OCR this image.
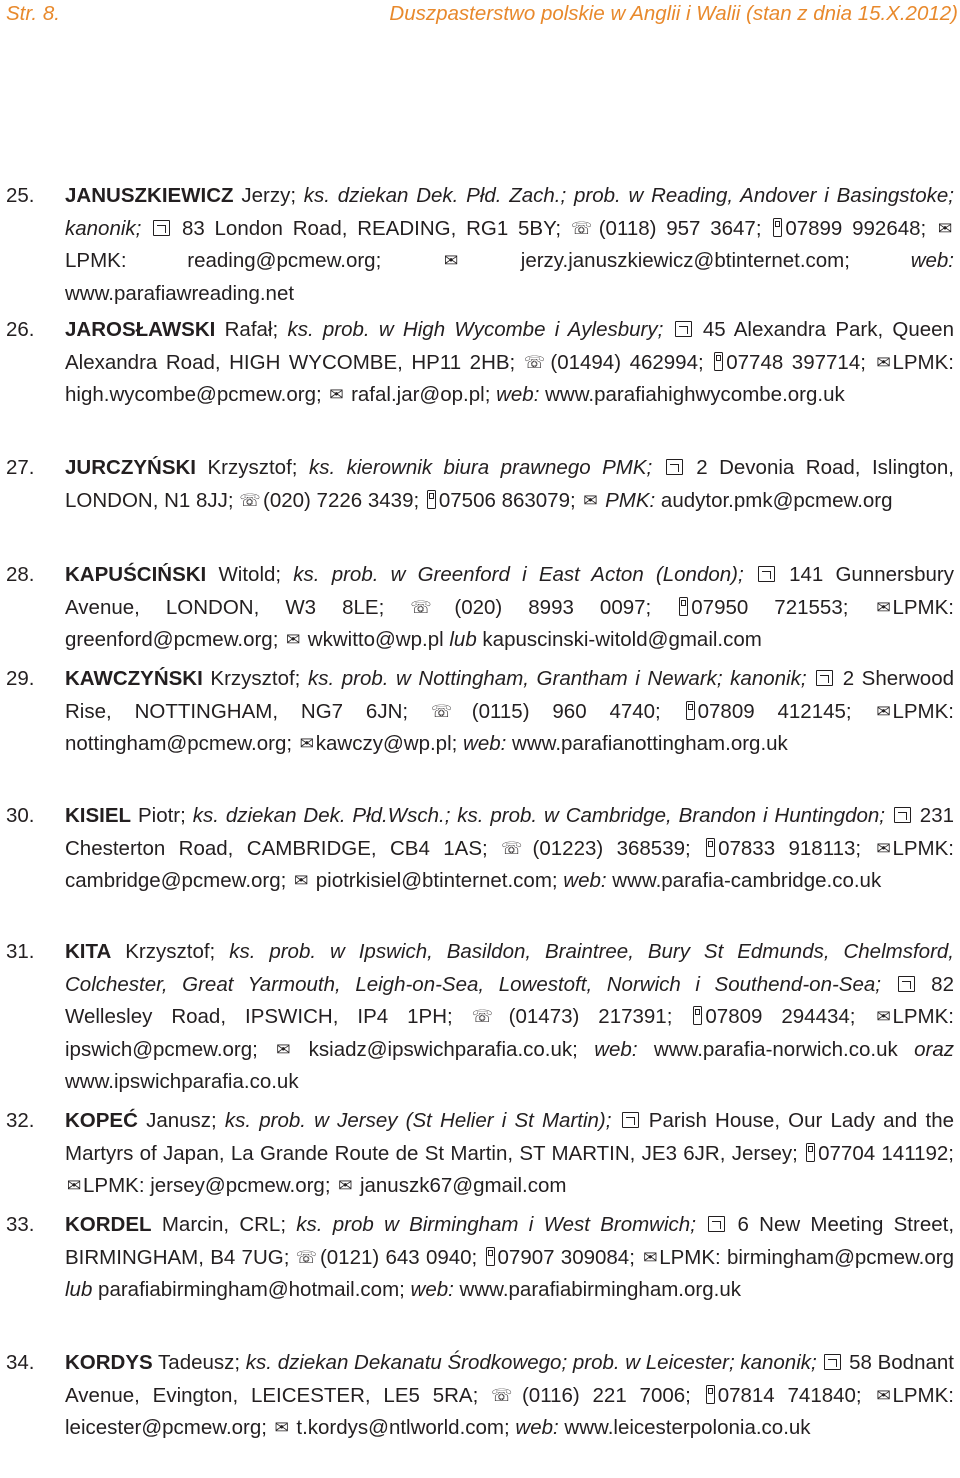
Str. 8.	Duszpasterstwo polskie w Anglii i Walii (stan z dnia 15.X.2012)
25. JANUSZKIEWICZ Jerzy; ks. dziekan Dek. Płd. Zach.; prob. w Reading, Andover i Basingstoke; kanonik;  83 London Road, READING, RG1 5BY; ☏ (0118) 957 3647; 07899 992648; ✉LPMK: reading@pcmew.org;	✉ jerzy.januszkiewicz@btinternet.com; web: www.parafiawreading.net
26. JAROSŁAWSKI Rafał; ks. prob. w High Wycombe i Aylesbury;  45 Alexandra Park, Queen Alexandra Road, HIGH WYCOMBE, HP11 2HB; ☏ (01494) 462994; 07748 397714; ✉LPMK: high.wycombe@pcmew.org; ✉ rafal.jar@op.pl; web: www.parafiahighwycombe.org.uk
27. JURCZYŃSKI Krzysztof; ks. kierownik biura prawnego PMK;  2 Devonia Road, Islington, LONDON, N1 8JJ; ☏ (020) 7226 3439; 07506 863079; ✉ PMK: audytor.pmk@pcmew.org
28. KAPUŚCIŃSKI Witold; ks. prob. w Greenford i East Acton (London);  141 Gunnersbury Avenue, LONDON, W3 8LE; ☏ (020) 8993 0097; 07950 721553; ✉LPMK: greenford@pcmew.org; ✉ wkwitto@wp.pl lub kapuscinski-witold@gmail.com
29. KAWCZYŃSKI Krzysztof; ks. prob. w Nottingham, Grantham i Newark; kanonik;  2 Sherwood Rise, NOTTINGHAM, NG7 6JN; ☏ (0115) 960 4740; 07809 412145; ✉LPMK: nottingham@pcmew.org; ✉kawczy@wp.pl; web: www.parafianottingham.org.uk
30. KISIEL Piotr; ks. dziekan Dek. Płd.Wsch.; ks. prob. w Cambridge, Brandon i Huntingdon;  231 Chesterton Road, CAMBRIDGE, CB4 1AS; ☏ (01223) 368539; 07833 918113; ✉LPMK: cambridge@pcmew.org; ✉ piotrkisiel@btinternet.com; web: www.parafia-cambridge.co.uk
31. KITA Krzysztof; ks. prob. w Ipswich, Basildon, Braintree, Bury St Edmunds, Chelmsford, Colchester, Great Yarmouth, Leigh-on-Sea, Lowestoft, Norwich i Southend-on-Sea;  82 Wellesley Road, IPSWICH, IP4 1PH; ☏ (01473) 217391; 07809 294434; ✉LPMK: ipswich@pcmew.org; ✉ ksiadz@ipswichparafia.co.uk; web: www.parafia-norwich.co.uk oraz www.ipswichparafia.co.uk
32. KOPEĆ Janusz; ks. prob. w Jersey (St Helier i St Martin);  Parish House, Our Lady and the Martyrs of Japan, La Grande Route de St Martin, ST MARTIN, JE3 6JR, Jersey; 07704 141192; ✉LPMK: jersey@pcmew.org; ✉ januszk67@gmail.com
33. KORDEL Marcin, CRL; ks. prob w Birmingham i West Bromwich;  6 New Meeting Street, BIRMINGHAM, B4 7UG; ☏ (0121) 643 0940; 07907 309084; ✉LPMK: birmingham@pcmew.org lub parafiabirmingham@hotmail.com; web: www.parafiabirmingham.org.uk
34. KORDYS Tadeusz; ks. dziekan Dekanatu Środkowego; prob. w Leicester; kanonik;  58 Bodnant Avenue, Evington, LEICESTER, LE5 5RA; ☏ (0116) 221 7006; 07814 741840; ✉LPMK: leicester@pcmew.org; ✉ t.kordys@ntlworld.com; web: www.leicesterpolonia.co.uk
